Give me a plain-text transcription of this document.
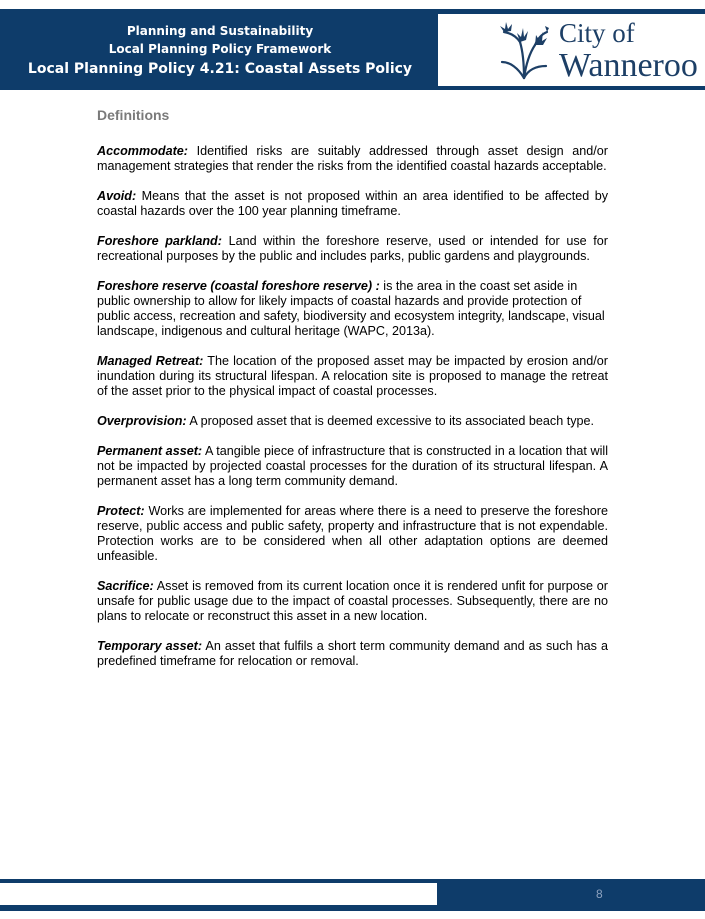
Planning and Sustainability
Local Planning Policy Framework
Local Planning Policy 4.21: Coastal Assets Policy
City of
Wanneroo
Definitions

Accommodate: Identified risks are suitably addressed through asset design and/or management strategies that render the risks from the identified coastal hazards acceptable.

Avoid: Means that the asset is not proposed within an area identified to be affected by coastal hazards over the 100 year planning timeframe.

Foreshore parkland: Land within the foreshore reserve, used or intended for use for recreational purposes by the public and includes parks, public gardens and playgrounds.

Foreshore reserve (coastal foreshore reserve) : is the area in the coast set aside in public ownership to allow for likely impacts of coastal hazards and provide protection of public access, recreation and safety, biodiversity and ecosystem integrity, landscape, visual landscape, indigenous and cultural heritage (WAPC, 2013a).

Managed Retreat: The location of the proposed asset may be impacted by erosion and/or inundation during its structural lifespan. A relocation site is proposed to manage the retreat of the asset prior to the physical impact of coastal processes.

Overprovision: A proposed asset that is deemed excessive to its associated beach type.

Permanent asset: A tangible piece of infrastructure that is constructed in a location that will not be impacted by projected coastal processes for the duration of its structural lifespan. A permanent asset has a long term community demand.

Protect: Works are implemented for areas where there is a need to preserve the foreshore reserve, public access and public safety, property and infrastructure that is not expendable. Protection works are to be considered when all other adaptation options are deemed unfeasible.

Sacrifice: Asset is removed from its current location once it is rendered unfit for purpose or unsafe for public usage due to the impact of coastal processes. Subsequently, there are no plans to relocate or reconstruct this asset in a new location.

Temporary asset: An asset that fulfils a short term community demand and as such has a predefined timeframe for relocation or removal.

8
